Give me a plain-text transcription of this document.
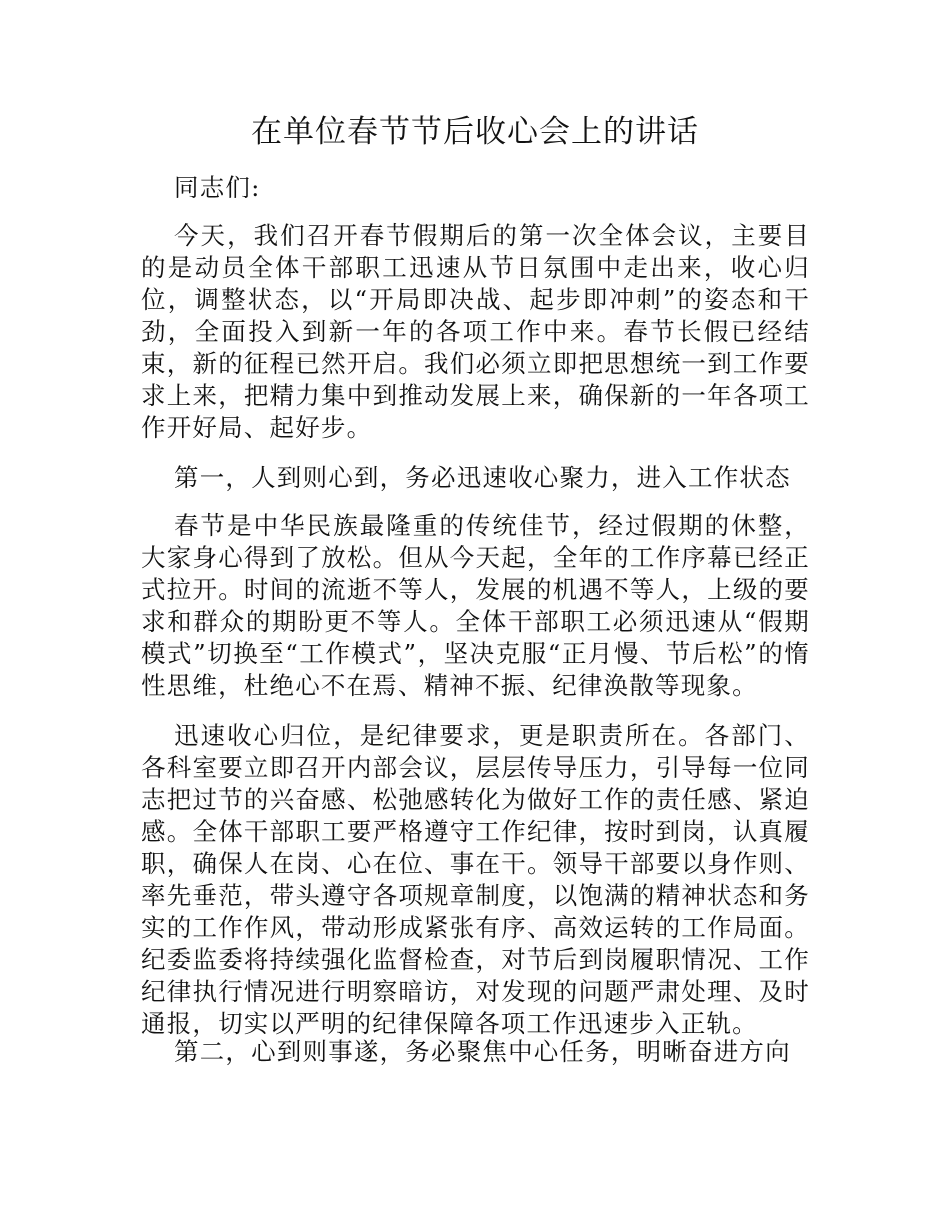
在单位春节节后收心会上的讲话
同志们:
今天，我们召开春节假期后的第一次全体会议，主要目的是动员全体干部职工迅速从节日氛围中走出来，收心归位，调整状态，以“开局即决战、起步即冲刺”的姿态和干劲，全面投入到新一年的各项工作中来。春节长假已经结束，新的征程已然开启。我们必须立即把思想统一到工作要求上来，把精力集中到推动发展上来，确保新的一年各项工作开好局、起好步。
第一，人到则心到，务必迅速收心聚力，进入工作状态
春节是中华民族最隆重的传统佳节，经过假期的休整，大家身心得到了放松。但从今天起，全年的工作序幕已经正式拉开。时间的流逝不等人，发展的机遇不等人，上级的要求和群众的期盼更不等人。全体干部职工必须迅速从“假期模式”切换至“工作模式”，坚决克服“正月慢、节后松”的惰性思维，杜绝心不在焉、精神不振、纪律涣散等现象。
迅速收心归位，是纪律要求，更是职责所在。各部门、各科室要立即召开内部会议，层层传导压力，引导每一位同志把过节的兴奋感、松弛感转化为做好工作的责任感、紧迫感。全体干部职工要严格遵守工作纪律，按时到岗，认真履职，确保人在岗、心在位、事在干。领导干部要以身作则、率先垂范，带头遵守各项规章制度，以饱满的精神状态和务实的工作作风，带动形成紧张有序、高效运转的工作局面。纪委监委将持续强化监督检查，对节后到岗履职情况、工作纪律执行情况进行明察暗访，对发现的问题严肃处理、及时通报，切实以严明的纪律保障各项工作迅速步入正轨。
第二，心到则事遂，务必聚焦中心任务，明晰奋进方向
